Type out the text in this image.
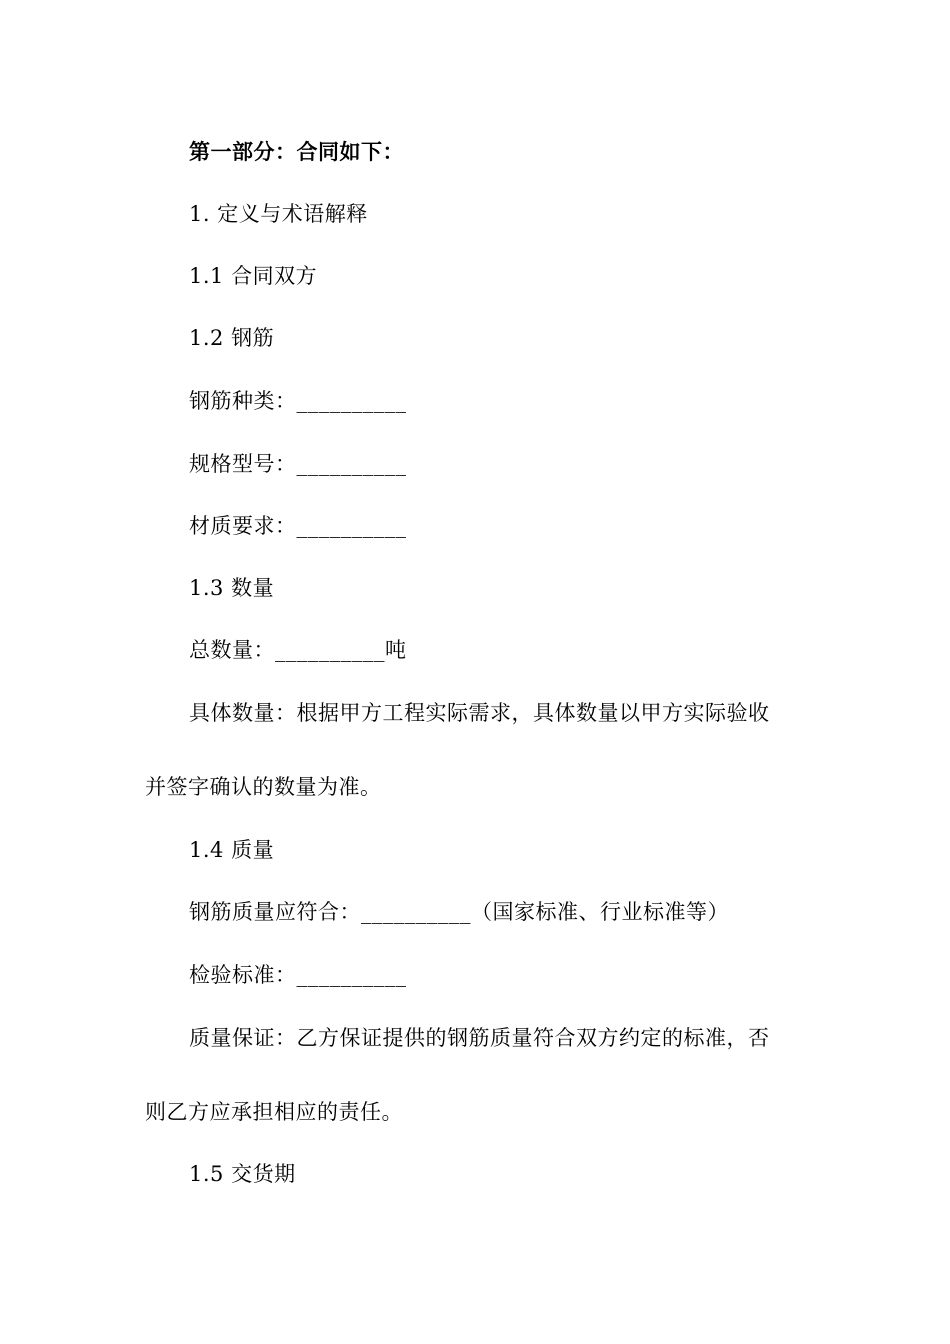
第一部分：合同如下：
1. 定义与术语解释
1.1 合同双方
1.2 钢筋
钢筋种类：__________
规格型号：__________
材质要求：__________
1.3 数量
总数量：__________吨
具体数量：根据甲方工程实际需求，具体数量以甲方实际验收
并签字确认的数量为准。
1.4 质量
钢筋质量应符合：__________（国家标准、行业标准等）
检验标准：__________
质量保证：乙方保证提供的钢筋质量符合双方约定的标准，否
则乙方应承担相应的责任。
1.5 交货期
